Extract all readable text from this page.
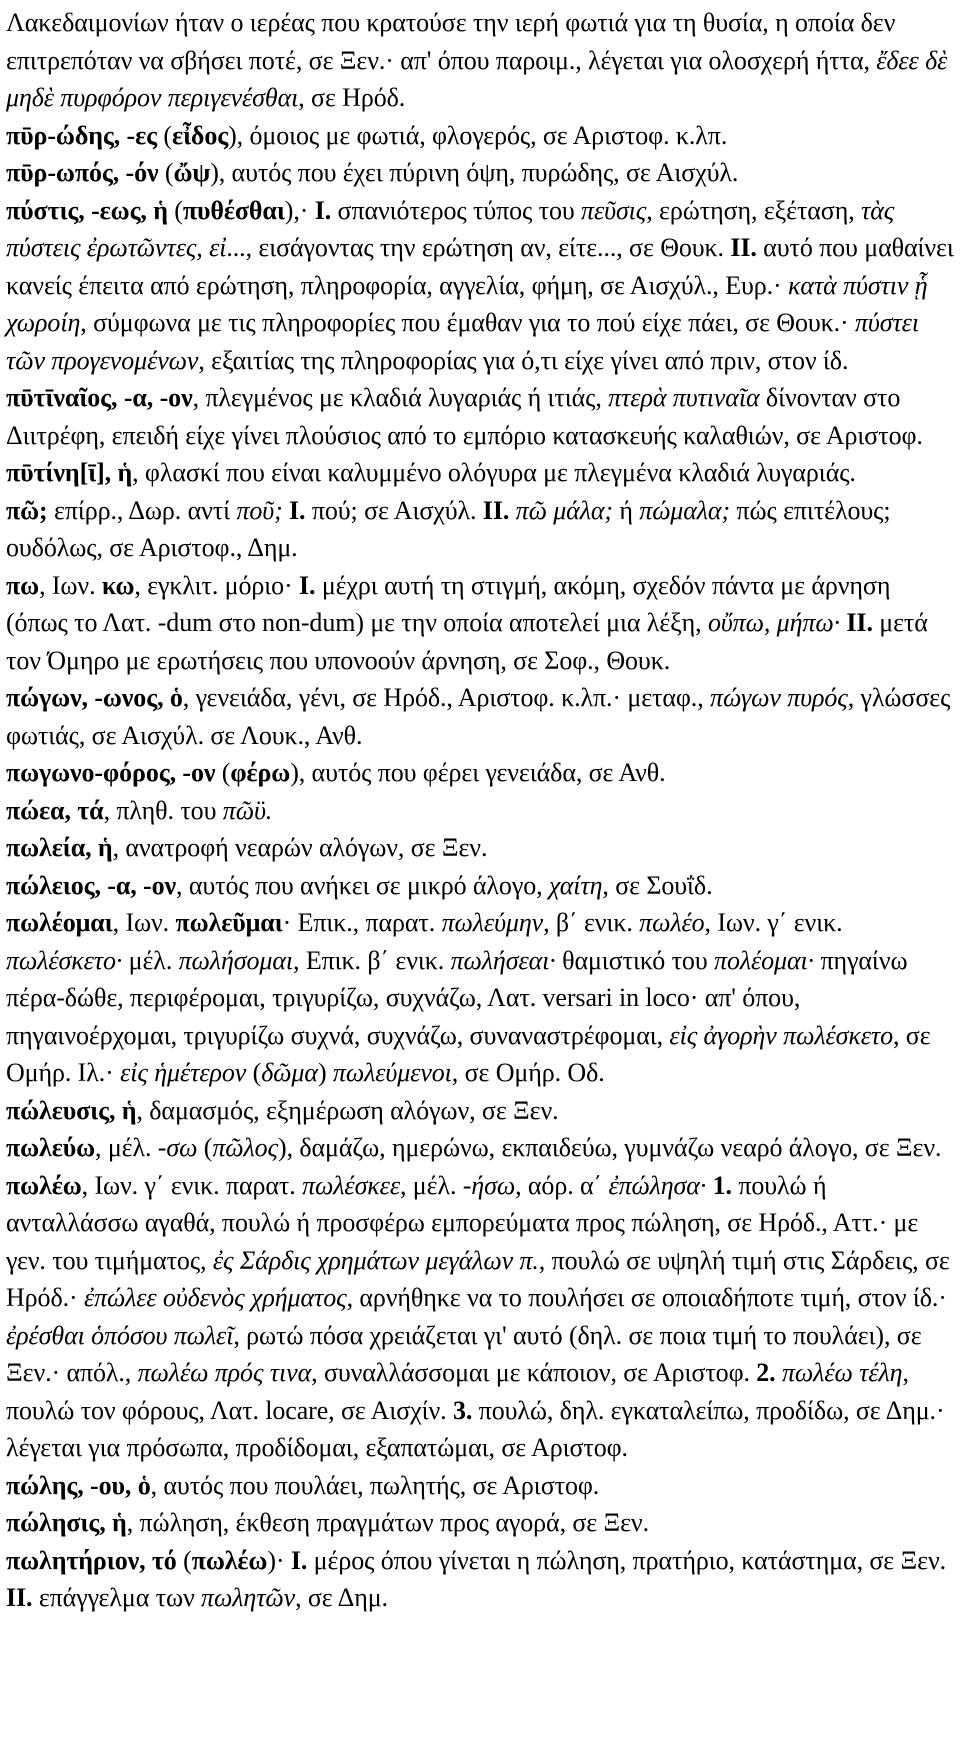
Λακεδαιμονίων ήταν ο ιερέας που κρατούσε την ιερή φωτιά για τη θυσία, η οποία δεν επιτρεπόταν να σβήσει ποτέ, σε Ξεν.· απ' όπου παροιμ., λέγεται για ολοσχερή ήττα, ἔδεε δὲ μηδὲ πυρφόρον περιγενέσθαι, σε Ηρόδ.

πῡρ-ώδης, -ες (εἶδος), όμοιος με φωτιά, φλογερός, σε Αριστοφ. κ.λπ.

πῡρ-ωπός, -όν (ὤψ), αυτός που έχει πύρινη όψη, πυρώδης, σε Αισχύλ.

πύστις, -εως, ἡ (πυθέσθαι),· I. σπανιότερος τύπος του πεῦσις, ερώτηση, εξέταση, τὰς πύστεις ἐρωτῶντες, εἰ..., εισάγοντας την ερώτηση αν, είτε..., σε Θουκ. II. αυτό που μαθαίνει κανείς έπειτα από ερώτηση, πληροφορία, αγγελία, φήμη, σε Αισχύλ., Ευρ.· κατὰ πύστιν ᾗ χωροίη, σύμφωνα με τις πληροφορίες που έμαθαν για το πού είχε πάει, σε Θουκ.· πύστει τῶν προγενομένων, εξαιτίας της πληροφορίας για ό,τι είχε γίνει από πριν, στον ίδ.

πῡτῑναῖος, -α, -ον, πλεγμένος με κλαδιά λυγαριάς ή ιτιάς, πτερὰ πυτιναῖα δίνονταν στο Διιτρέφη, επειδή είχε γίνει πλούσιος από το εμπόριο κατασκευής καλαθιών, σε Αριστοφ.

πῡτίνη[ῑ], ἡ, φλασκί που είναι καλυμμένο ολόγυρα με πλεγμένα κλαδιά λυγαριάς.

πῶ; επίρρ., Δωρ. αντί ποῦ; I. πού; σε Αισχύλ. II. πῶ μάλα; ή πώμαλα; πώς επιτέλους; ουδόλως, σε Αριστοφ., Δημ.

πω, Ιων. κω, εγκλιτ. μόριο· I. μέχρι αυτή τη στιγμή, ακόμη, σχεδόν πάντα με άρνηση (όπως το Λατ. -dum στο non-dum) με την οποία αποτελεί μια λέξη, οὔπω, μήπω· II. μετά τον Όμηρο με ερωτήσεις που υπονοούν άρνηση, σε Σοφ., Θουκ.

πώγων, -ωνος, ὁ, γενειάδα, γένι, σε Ηρόδ., Αριστοφ. κ.λπ.· μεταφ., πώγων πυρός, γλώσσες φωτιάς, σε Αισχύλ. σε Λουκ., Ανθ.

πωγωνο-φόρος, -ον (φέρω), αυτός που φέρει γενειάδα, σε Ανθ.

πώεα, τά, πληθ. του πῶϋ.

πωλεία, ἡ, ανατροφή νεαρών αλόγων, σε Ξεν.

πώλειος, -α, -ον, αυτός που ανήκει σε μικρό άλογο, χαίτη, σε Σουΐδ.

πωλέομαι, Ιων. πωλεῦμαι· Επικ., παρατ. πωλεύμην, β΄ ενικ. πωλέο, Ιων. γ΄ ενικ. πωλέσκετο· μέλ. πωλήσομαι, Επικ. β΄ ενικ. πωλήσεαι· θαμιστικό του πολέομαι· πηγαίνω πέρα-δώθε, περιφέρομαι, τριγυρίζω, συχνάζω, Λατ. versari in loco· απ' όπου, πηγαινοέρχομαι, τριγυρίζω συχνά, συχνάζω, συναναστρέφομαι, εἰς ἀγορὴν πωλέσκετο, σε Ομήρ. Ιλ.· εἰς ἡμέτερον (δῶμα) πωλεύμενοι, σε Ομήρ. Οδ.

πώλευσις, ἡ, δαμασμός, εξημέρωση αλόγων, σε Ξεν.

πωλεύω, μέλ. -σω (πῶλος), δαμάζω, ημερώνω, εκπαιδεύω, γυμνάζω νεαρό άλογο, σε Ξεν.

πωλέω, Ιων. γ΄ ενικ. παρατ. πωλέσκεε, μέλ. -ήσω, αόρ. α΄ ἐπώλησα· 1. πουλώ ή ανταλλάσσω αγαθά, πουλώ ή προσφέρω εμπορεύματα προς πώληση, σε Ηρόδ., Αττ.· με γεν. του τιμήματος, ἐς Σάρδις χρημάτων μεγάλων π., πουλώ σε υψηλή τιμή στις Σάρδεις, σε Ηρόδ.· ἐπώλεε οὐδενὸς χρήματος, αρνήθηκε να το πουλήσει σε οποιαδήποτε τιμή, στον ίδ.· ἐρέσθαι ὁπόσου πωλεῖ, ρωτώ πόσα χρειάζεται γι' αυτό (δηλ. σε ποια τιμή το πουλάει), σε Ξεν.· απόλ., πωλέω πρός τινα, συναλλάσσομαι με κάποιον, σε Αριστοφ. 2. πωλέω τέλη, πουλώ τον φόρους, Λατ. locare, σε Αισχίν. 3. πουλώ, δηλ. εγκαταλείπω, προδίδω, σε Δημ.· λέγεται για πρόσωπα, προδίδομαι, εξαπατώμαι, σε Αριστοφ.

πώλης, -ου, ὁ, αυτός που πουλάει, πωλητής, σε Αριστοφ.

πώλησις, ἡ, πώληση, έκθεση πραγμάτων προς αγορά, σε Ξεν.

πωλητήριον, τό (πωλέω)· I. μέρος όπου γίνεται η πώληση, πρατήριο, κατάστημα, σε Ξεν. II. επάγγελμα των πωλητῶν, σε Δημ.
